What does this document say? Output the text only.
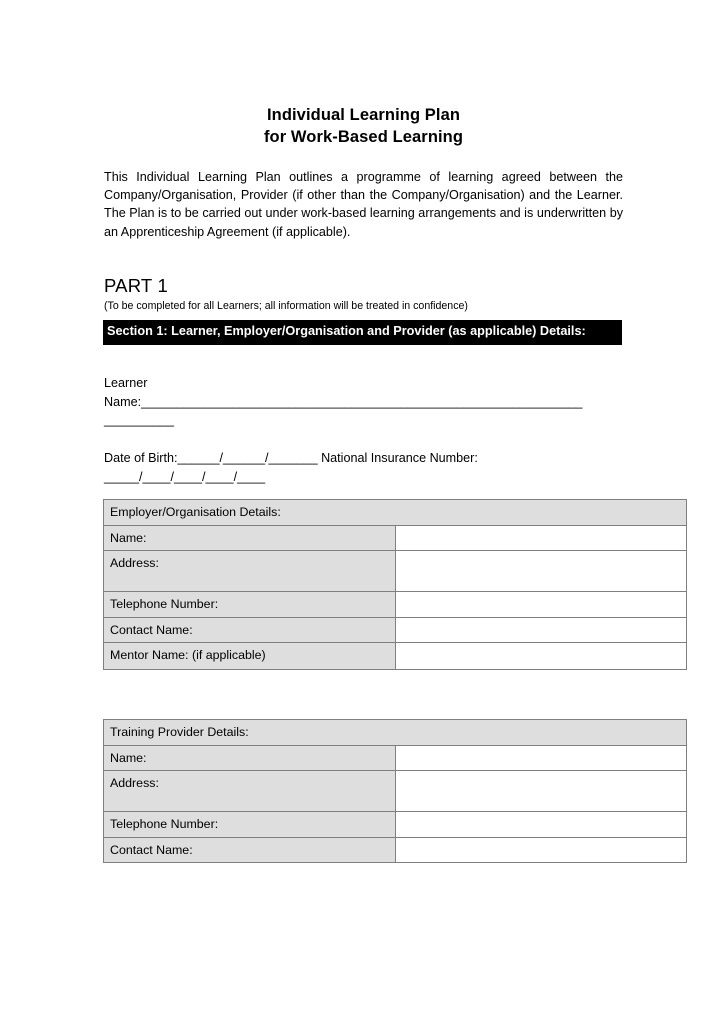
Individual Learning Plan
for Work-Based Learning

This Individual Learning Plan outlines a programme of learning agreed between the Company/Organisation, Provider (if other than the Company/Organisation) and the Learner. The Plan is to be carried out under work-based learning arrangements and is underwritten by an Apprenticeship Agreement (if applicable).

PART 1
(To be completed for all Learners; all information will be treated in confidence)
Section 1: Learner, Employer/Organisation and Provider (as applicable) Details:
Learner
Name:_______________________________________________________________
__________
Date of Birth:______/______/_______ National Insurance Number:
_____/____/____/____/____
Employer/Organisation Details:	
Name:	
Address:	
Telephone Number:	
Contact Name:	
Mentor Name: (if applicable)	
Training Provider Details:	
Name:	
Address:	
Telephone Number:	
Contact Name:	
